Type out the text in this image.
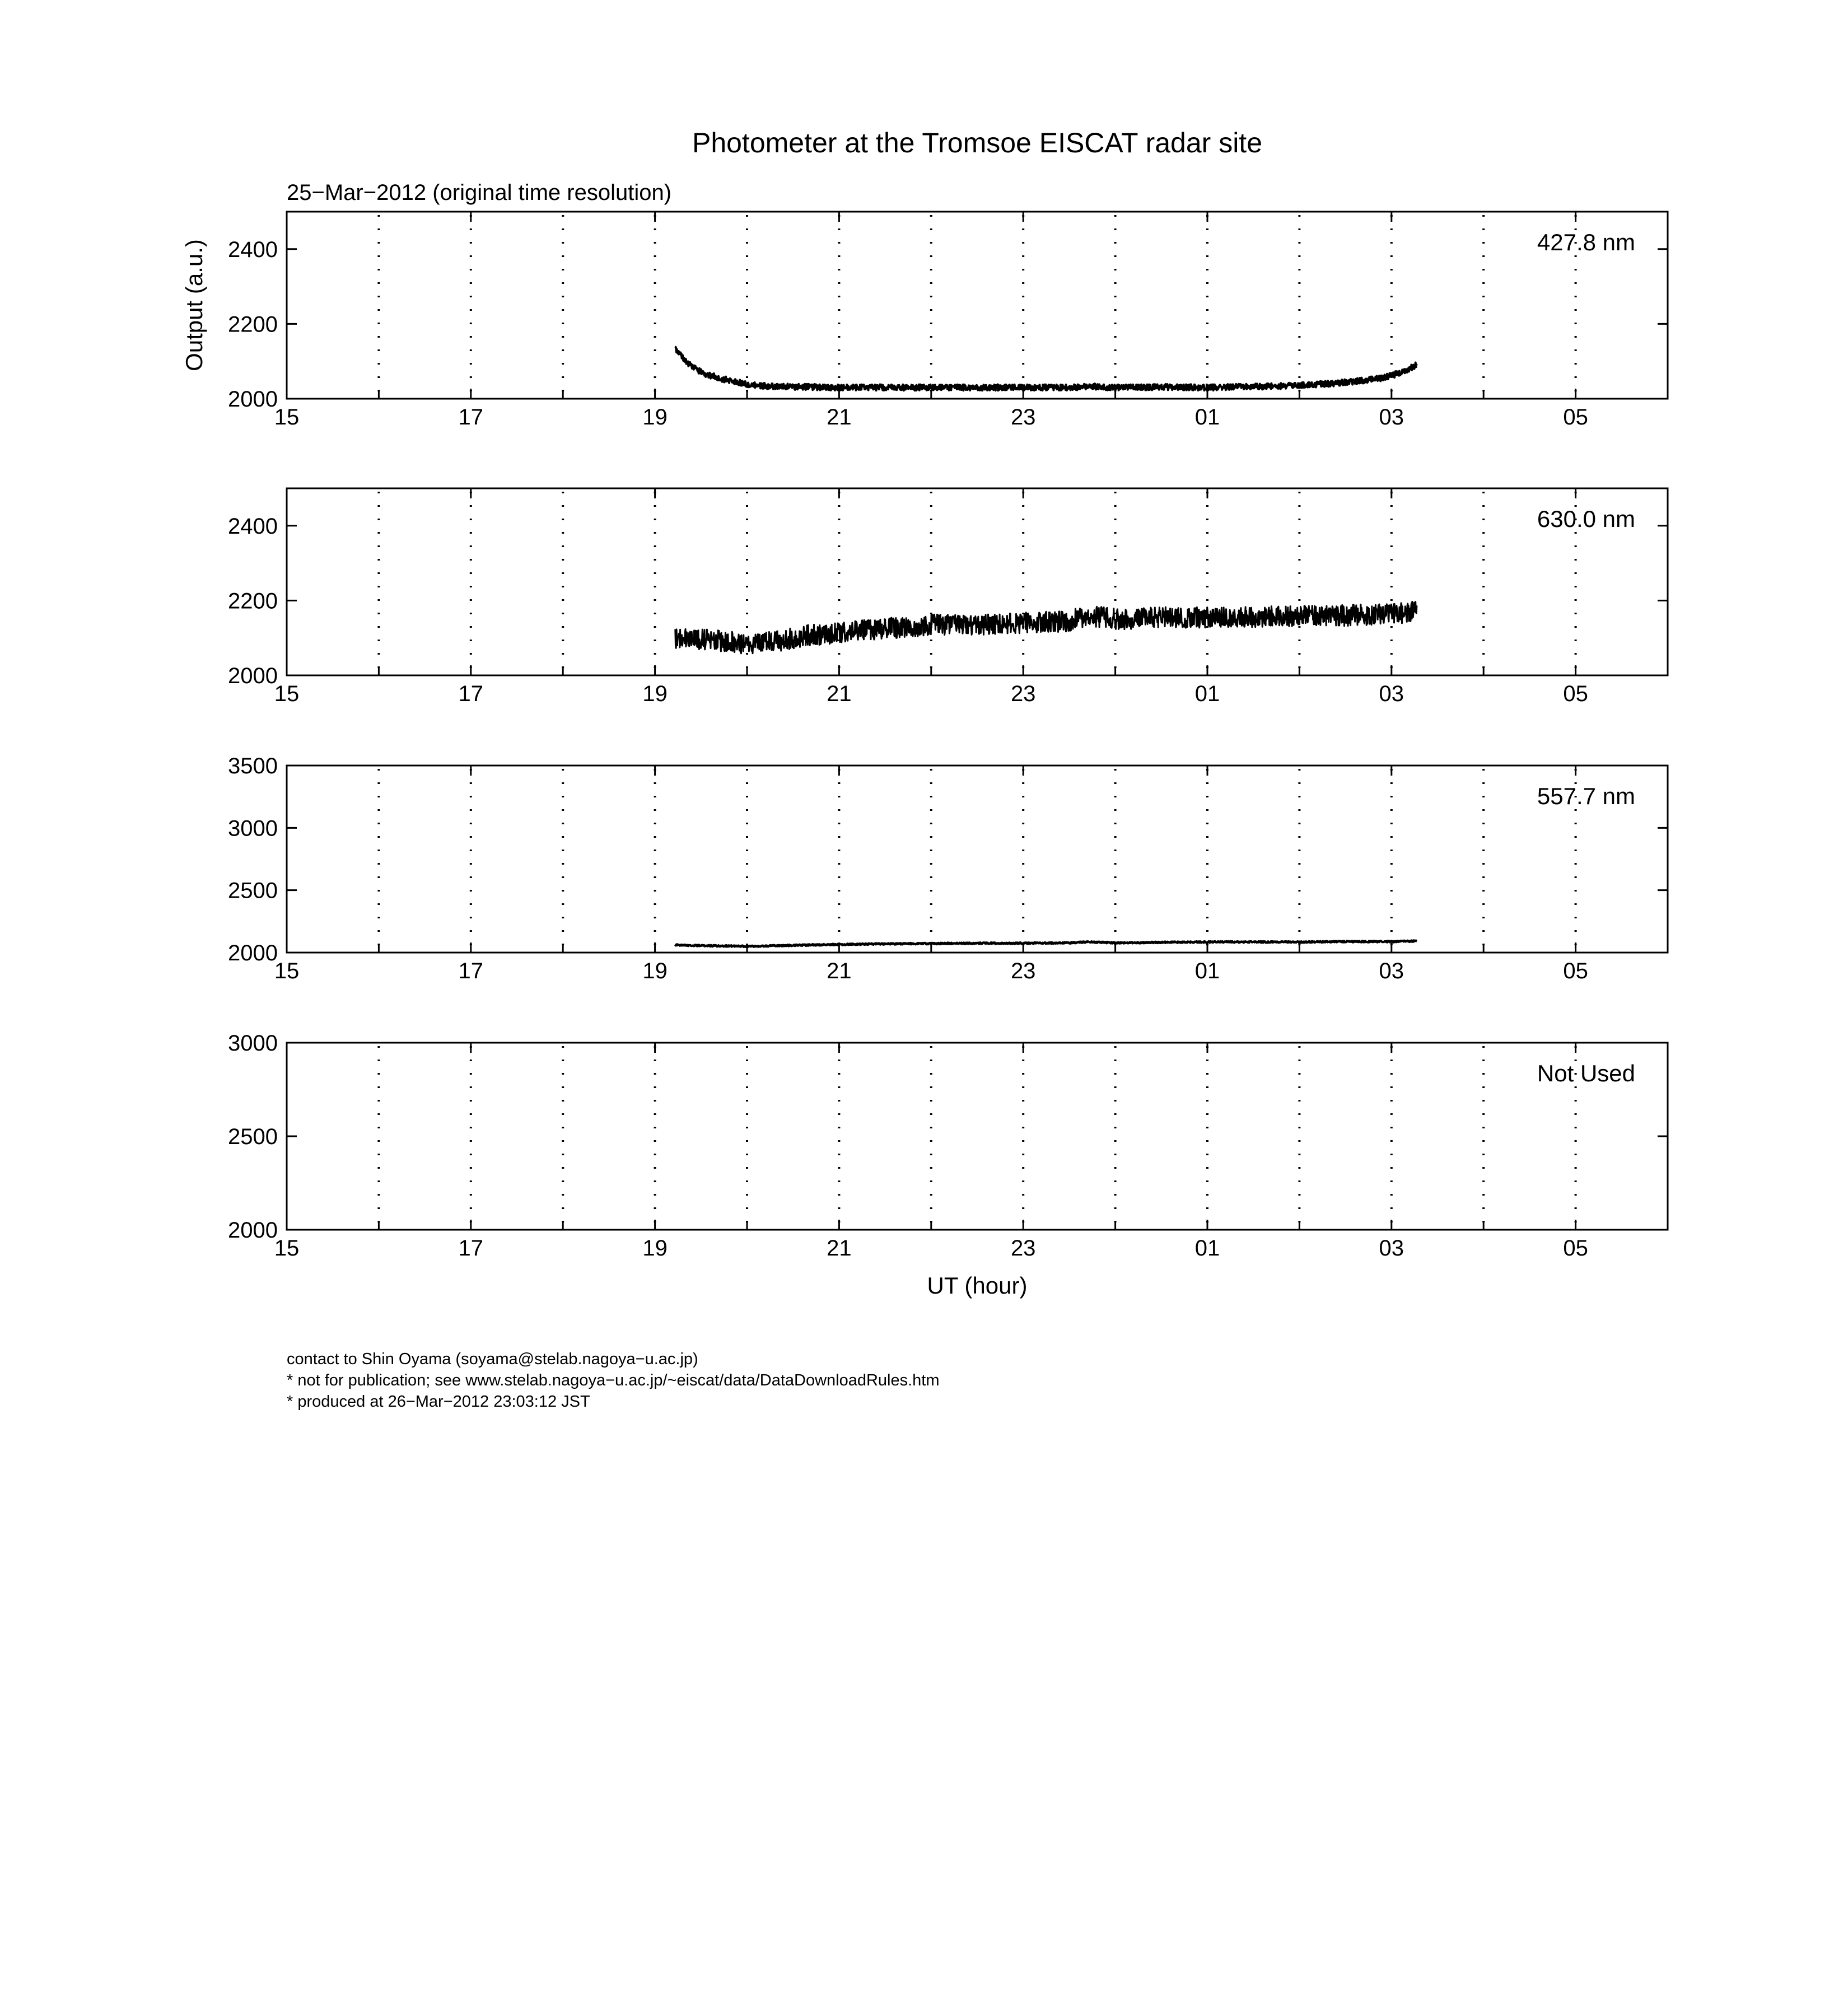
Photometer at the Tromsoe EISCAT radar site
25−Mar−2012 (original time resolution)
Output (a.u.)
UT (hour)
15	17	19	21	23	01	03	05
2000
2200
2400	427.8 nm
15	17	19	21	23	01	03	05
2000
2200
2400	630.0 nm
15	17	19	21	23	01	03	05
2000
2500
3000
3500
557.7 nm
15	17	19	21	23	01	03	05
2000
2500
3000
Not Used
contact to Shin Oyama (soyama@stelab.nagoya−u.ac.jp)
* not for publication; see www.stelab.nagoya−u.ac.jp/~eiscat/data/DataDownloadRules.htm
* produced at 26−Mar−2012 23:03:12 JST
